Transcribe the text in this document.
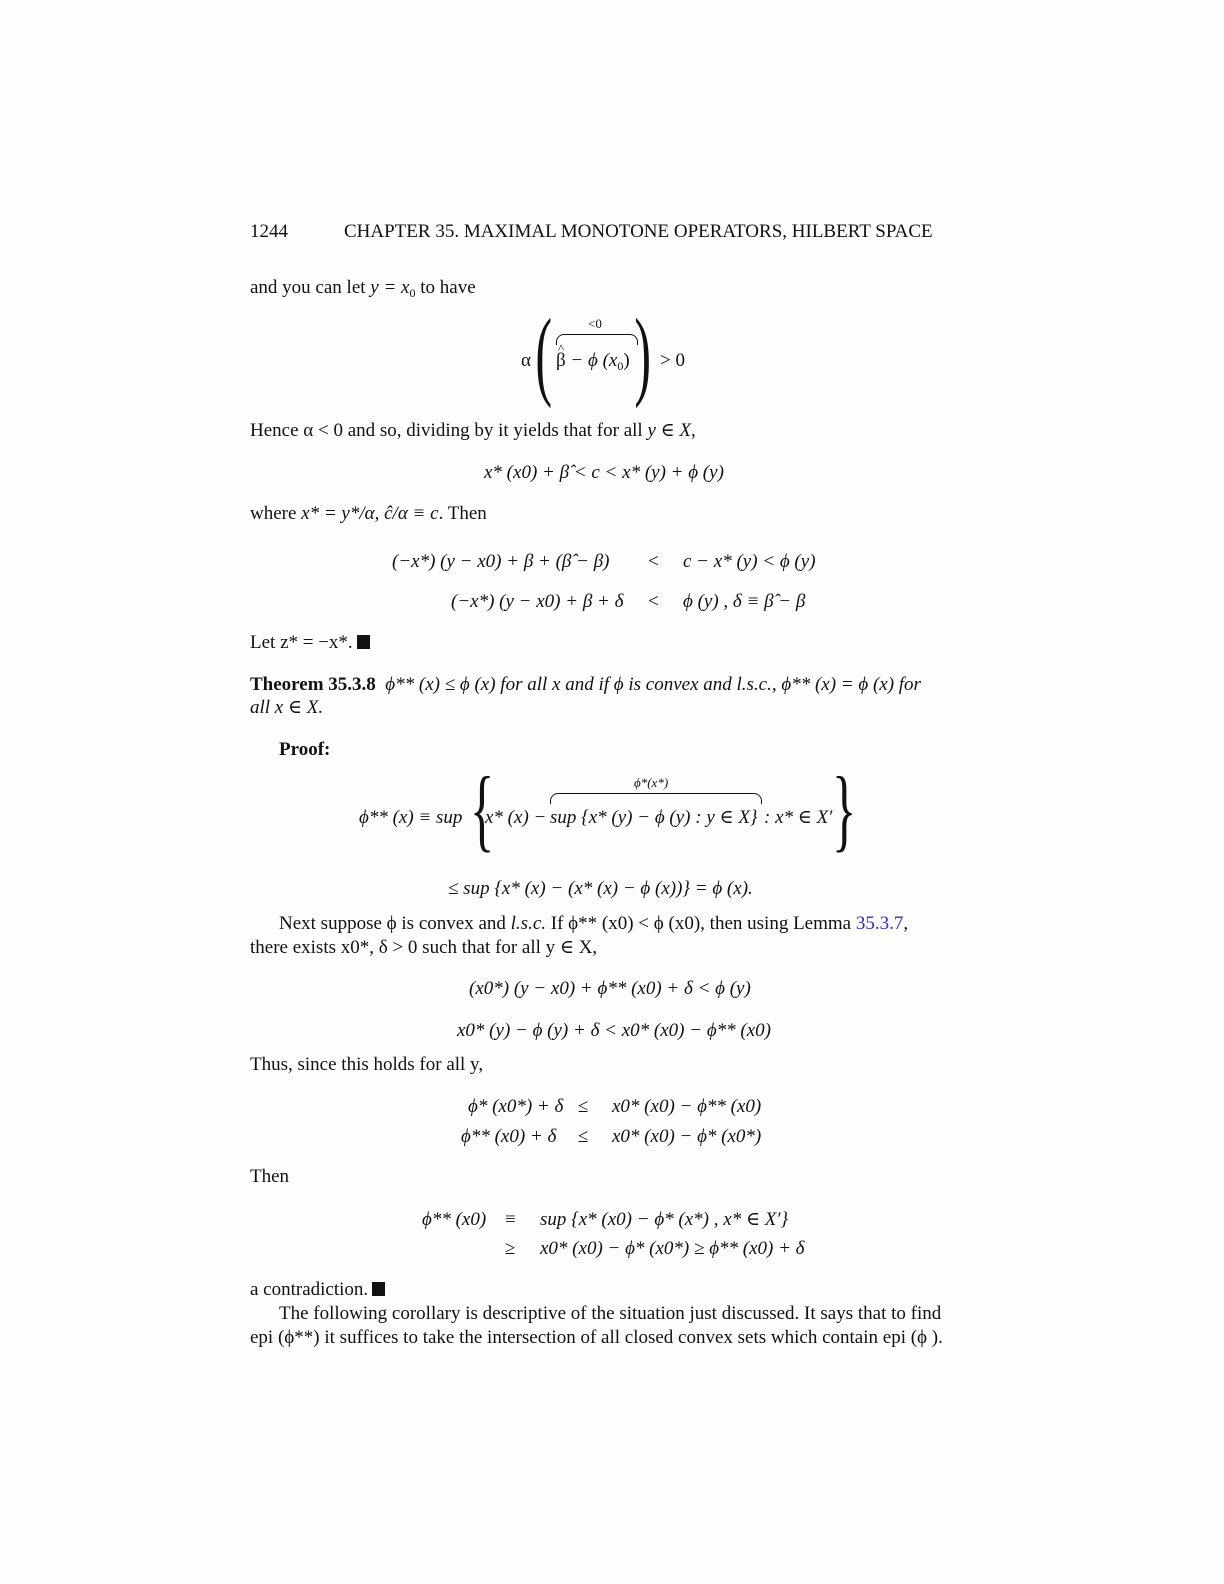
1244	CHAPTER 35. MAXIMAL MONOTONE OPERATORS, HILBERT SPACE
and you can let $y = x_0$ to have
α (	<0
^ β − ϕ $(x_0)$ ) > 0
Hence α < 0 and so, dividing by it yields that for all y ∈ X,
x* (x0) + β̂ < c < x* (y) + ϕ (y)
where x* = y*/α, ĉ/α ≡ c. Then
(−x*) (y − x0) + β + (β̂ − β) < c − x* (y) < ϕ (y)
(−x*) (y − x0) + β + δ < ϕ (y) , δ ≡ β̂ − β
Let z* = −x*.
Theorem 35.3.8 ϕ** (x) ≤ ϕ (x) for all x and if ϕ is convex and l.s.c., ϕ** (x) = ϕ (x) for
all x ∈ X.
Proof:
ϕ** (x) ≡ sup {
x* (x) −
ϕ*(x*)
sup {x* (y) − ϕ (y) : y ∈ X} : x* ∈ X′ }
≤ sup {x* (x) − (x* (x) − ϕ (x))} = ϕ (x).
Next suppose ϕ is convex and l.s.c. If ϕ** (x0) < ϕ (x0), then using Lemma 35.3.7,
there exists x0*, δ > 0 such that for all y ∈ X,
(x0*) (y − x0) + ϕ** (x0) + δ < ϕ (y)
x0* (y) − ϕ (y) + δ < x0* (x0) − ϕ** (x0)
Thus, since this holds for all y,
ϕ* (x0*) + δ ≤ x0* (x0) − ϕ** (x0)
ϕ** (x0) + δ ≤ x0* (x0) − ϕ* (x0*)
Then
ϕ** (x0) ≡ sup {x* (x0) − ϕ* (x*) , x* ∈ X′}
≥ x0* (x0) − ϕ* (x0*) ≥ ϕ** (x0) + δ
a contradiction.
The following corollary is descriptive of the situation just discussed. It says that to find
epi (ϕ**) it suffices to take the intersection of all closed convex sets which contain epi (ϕ ).
